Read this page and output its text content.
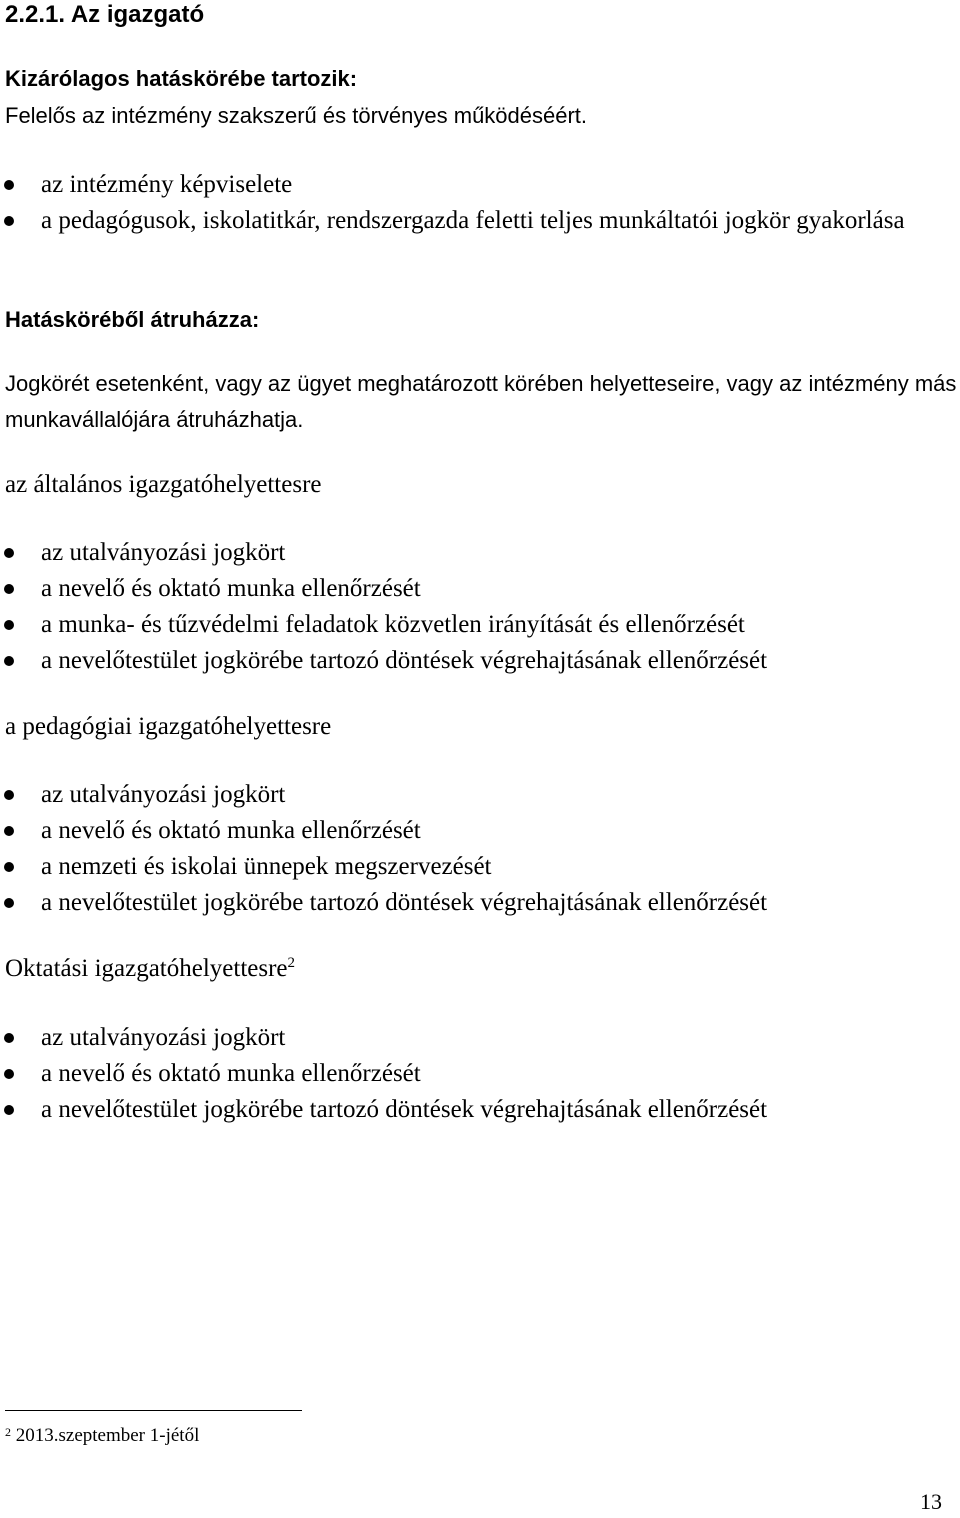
2.2.1. Az igazgató
Kizárólagos hatáskörébe tartozik:
Felelős az intézmény szakszerű és törvényes működéséért.
az intézmény képviselete
a pedagógusok, iskolatitkár, rendszergazda feletti teljes munkáltatói jogkör gyakorlása
Hatásköréből átruházza:
Jogkörét esetenként, vagy az ügyet meghatározott körében helyetteseire, vagy az intézmény más munkavállalójára átruházhatja.
az általános igazgatóhelyettesre
az utalványozási jogkört
a nevelő és oktató munka ellenőrzését
a munka- és tűzvédelmi feladatok közvetlen irányítását és ellenőrzését
a nevelőtestület jogkörébe tartozó döntések végrehajtásának ellenőrzését
a pedagógiai igazgatóhelyettesre
az utalványozási jogkört
a nevelő és oktató munka ellenőrzését
a nemzeti és iskolai ünnepek megszervezését
a nevelőtestület jogkörébe tartozó döntések végrehajtásának ellenőrzését
Oktatási igazgatóhelyettesre$^2$
az utalványozási jogkört
a nevelő és oktató munka ellenőrzését
a nevelőtestület jogkörébe tartozó döntések végrehajtásának ellenőrzését
$^2$ 2013.szeptember 1-jétől
13
